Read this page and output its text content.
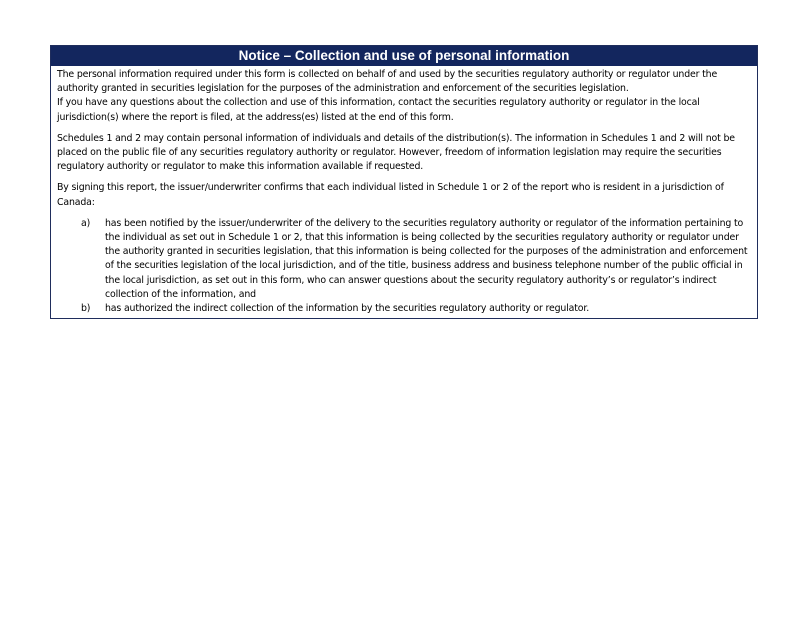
Notice – Collection and use of personal information

The personal information required under this form is collected on behalf of and used by the securities regulatory authority or regulator under the authority granted in securities legislation for the purposes of the administration and enforcement of the securities legislation.

If you have any questions about the collection and use of this information, contact the securities regulatory authority or regulator in the local jurisdiction(s) where the report is filed, at the address(es) listed at the end of this form.

Schedules 1 and 2 may contain personal information of individuals and details of the distribution(s). The information in Schedules 1 and 2 will not be placed on the public file of any securities regulatory authority or regulator. However, freedom of information legislation may require the securities regulatory authority or regulator to make this information available if requested.

By signing this report, the issuer/underwriter confirms that each individual listed in Schedule 1 or 2 of the report who is resident in a jurisdiction of Canada:

a)	has been notified by the issuer/underwriter of the delivery to the securities regulatory authority or regulator of the information pertaining to the individual as set out in Schedule 1 or 2, that this information is being collected by the securities regulatory authority or regulator under the authority granted in securities legislation, that this information is being collected for the purposes of the administration and enforcement of the securities legislation of the local jurisdiction, and of the title, business address and business telephone number of the public official in the local jurisdiction, as set out in this form, who can answer questions about the security regulatory authority’s or regulator’s indirect collection of the information, and
b)	has authorized the indirect collection of the information by the securities regulatory authority or regulator.
